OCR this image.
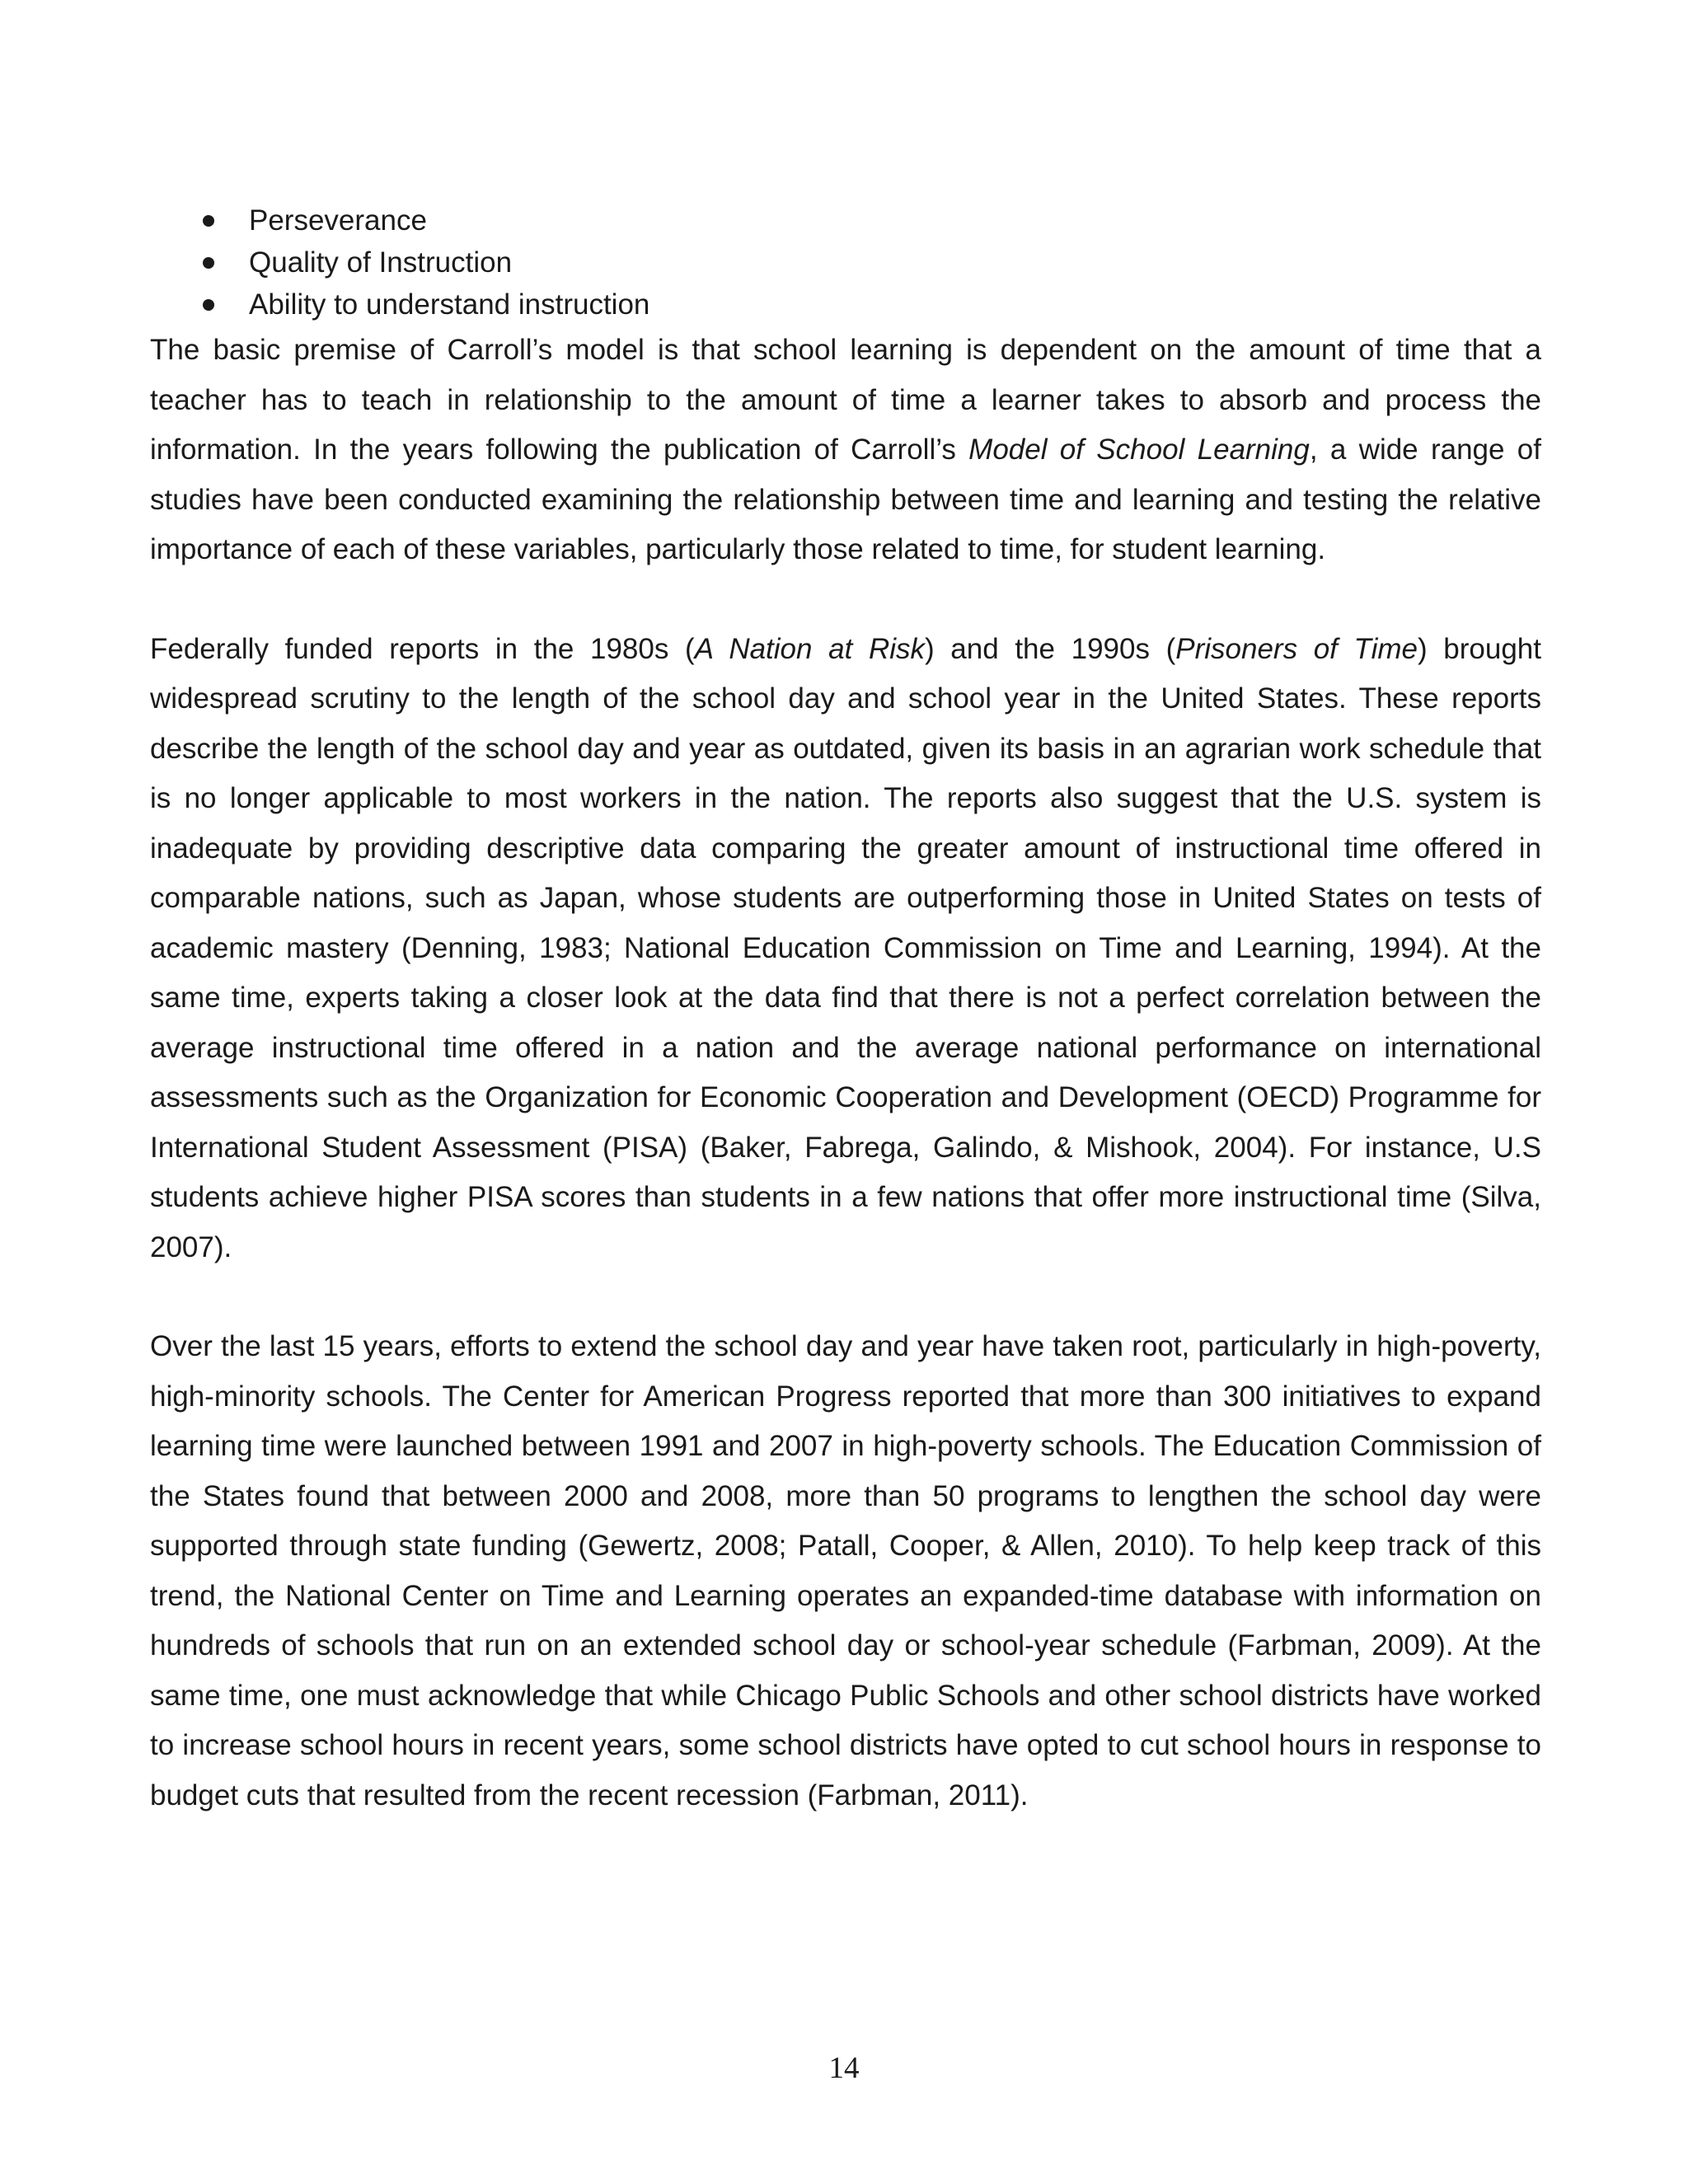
Perseverance
Quality of Instruction
Ability to understand instruction

The basic premise of Carroll’s model is that school learning is dependent on the amount of time that a teacher has to teach in relationship to the amount of time a learner takes to absorb and process the information. In the years following the publication of Carroll’s Model of School Learning, a wide range of studies have been conducted examining the relationship between time and learning and testing the relative importance of each of these variables, particularly those related to time, for student learning.

Federally funded reports in the 1980s (A Nation at Risk) and the 1990s (Prisoners of Time) brought widespread scrutiny to the length of the school day and school year in the United States. These reports describe the length of the school day and year as outdated, given its basis in an agrarian work schedule that is no longer applicable to most workers in the nation. The reports also suggest that the U.S. system is inadequate by providing descriptive data comparing the greater amount of instructional time offered in comparable nations, such as Japan, whose students are outperforming those in United States on tests of academic mastery (Denning, 1983; National Education Commission on Time and Learning, 1994). At the same time, experts taking a closer look at the data find that there is not a perfect correlation between the average instructional time offered in a nation and the average national performance on international assessments such as the Organization for Economic Cooperation and Development (OECD) Programme for International Student Assessment (PISA) (Baker, Fabrega, Galindo, & Mishook, 2004). For instance, U.S students achieve higher PISA scores than students in a few nations that offer more instructional time (Silva, 2007).

Over the last 15 years, efforts to extend the school day and year have taken root, particularly in high-poverty, high-minority schools. The Center for American Progress reported that more than 300 initiatives to expand learning time were launched between 1991 and 2007 in high-poverty schools. The Education Commission of the States found that between 2000 and 2008, more than 50 programs to lengthen the school day were supported through state funding (Gewertz, 2008; Patall, Cooper, & Allen, 2010). To help keep track of this trend, the National Center on Time and Learning operates an expanded-time database with information on hundreds of schools that run on an extended school day or school-year schedule (Farbman, 2009). At the same time, one must acknowledge that while Chicago Public Schools and other school districts have worked to increase school hours in recent years, some school districts have opted to cut school hours in response to budget cuts that resulted from the recent recession (Farbman, 2011).

14
